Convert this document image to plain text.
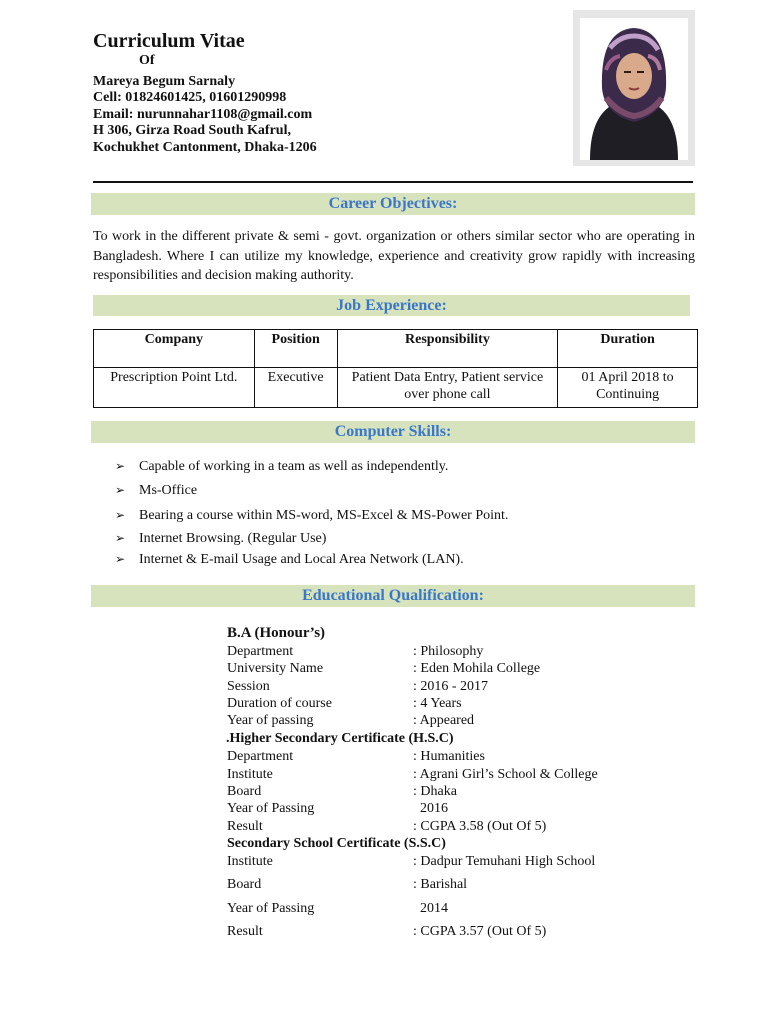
Curriculum Vitae
Of
Mareya Begum Sarnaly
Cell: 01824601425, 01601290998
Email: nurunnahar1108@gmail.com
H 306, Girza Road South Kafrul,
Kochukhet Cantonment, Dhaka-1206
Career Objectives:
To work in the different private & semi - govt. organization or others similar sector who are operating in Bangladesh. Where I can utilize my knowledge, experience and creativity grow rapidly with increasing responsibilities and decision making authority.
Job Experience:
Company	Position	Responsibility	Duration
Prescription Point Ltd.	Executive	Patient Data Entry, Patient service over phone call	01 April 2018 to Continuing
Computer Skills:
➢ Capable of working in a team as well as independently.
➢ Ms-Office
➢ Bearing a course within MS-word, MS-Excel & MS-Power Point.
➢ Internet Browsing. (Regular Use)
➢ Internet & E-mail Usage and Local Area Network (LAN).
Educational Qualification:
B.A (Honour’s)
Department	: Philosophy
University Name	: Eden Mohila College
Session	: 2016 - 2017
Duration of course	: 4 Years
Year of passing	: Appeared
.Higher Secondary Certificate (H.S.C)
Department	: Humanities
Institute	: Agrani Girl’s School & College
Board	: Dhaka
Year of Passing	2016
Result	: CGPA 3.58 (Out Of 5)
Secondary School Certificate (S.S.C)
Institute	: Dadpur Temuhani High School
Board	: Barishal
Year of Passing	2014
Result	: CGPA 3.57 (Out Of 5)
